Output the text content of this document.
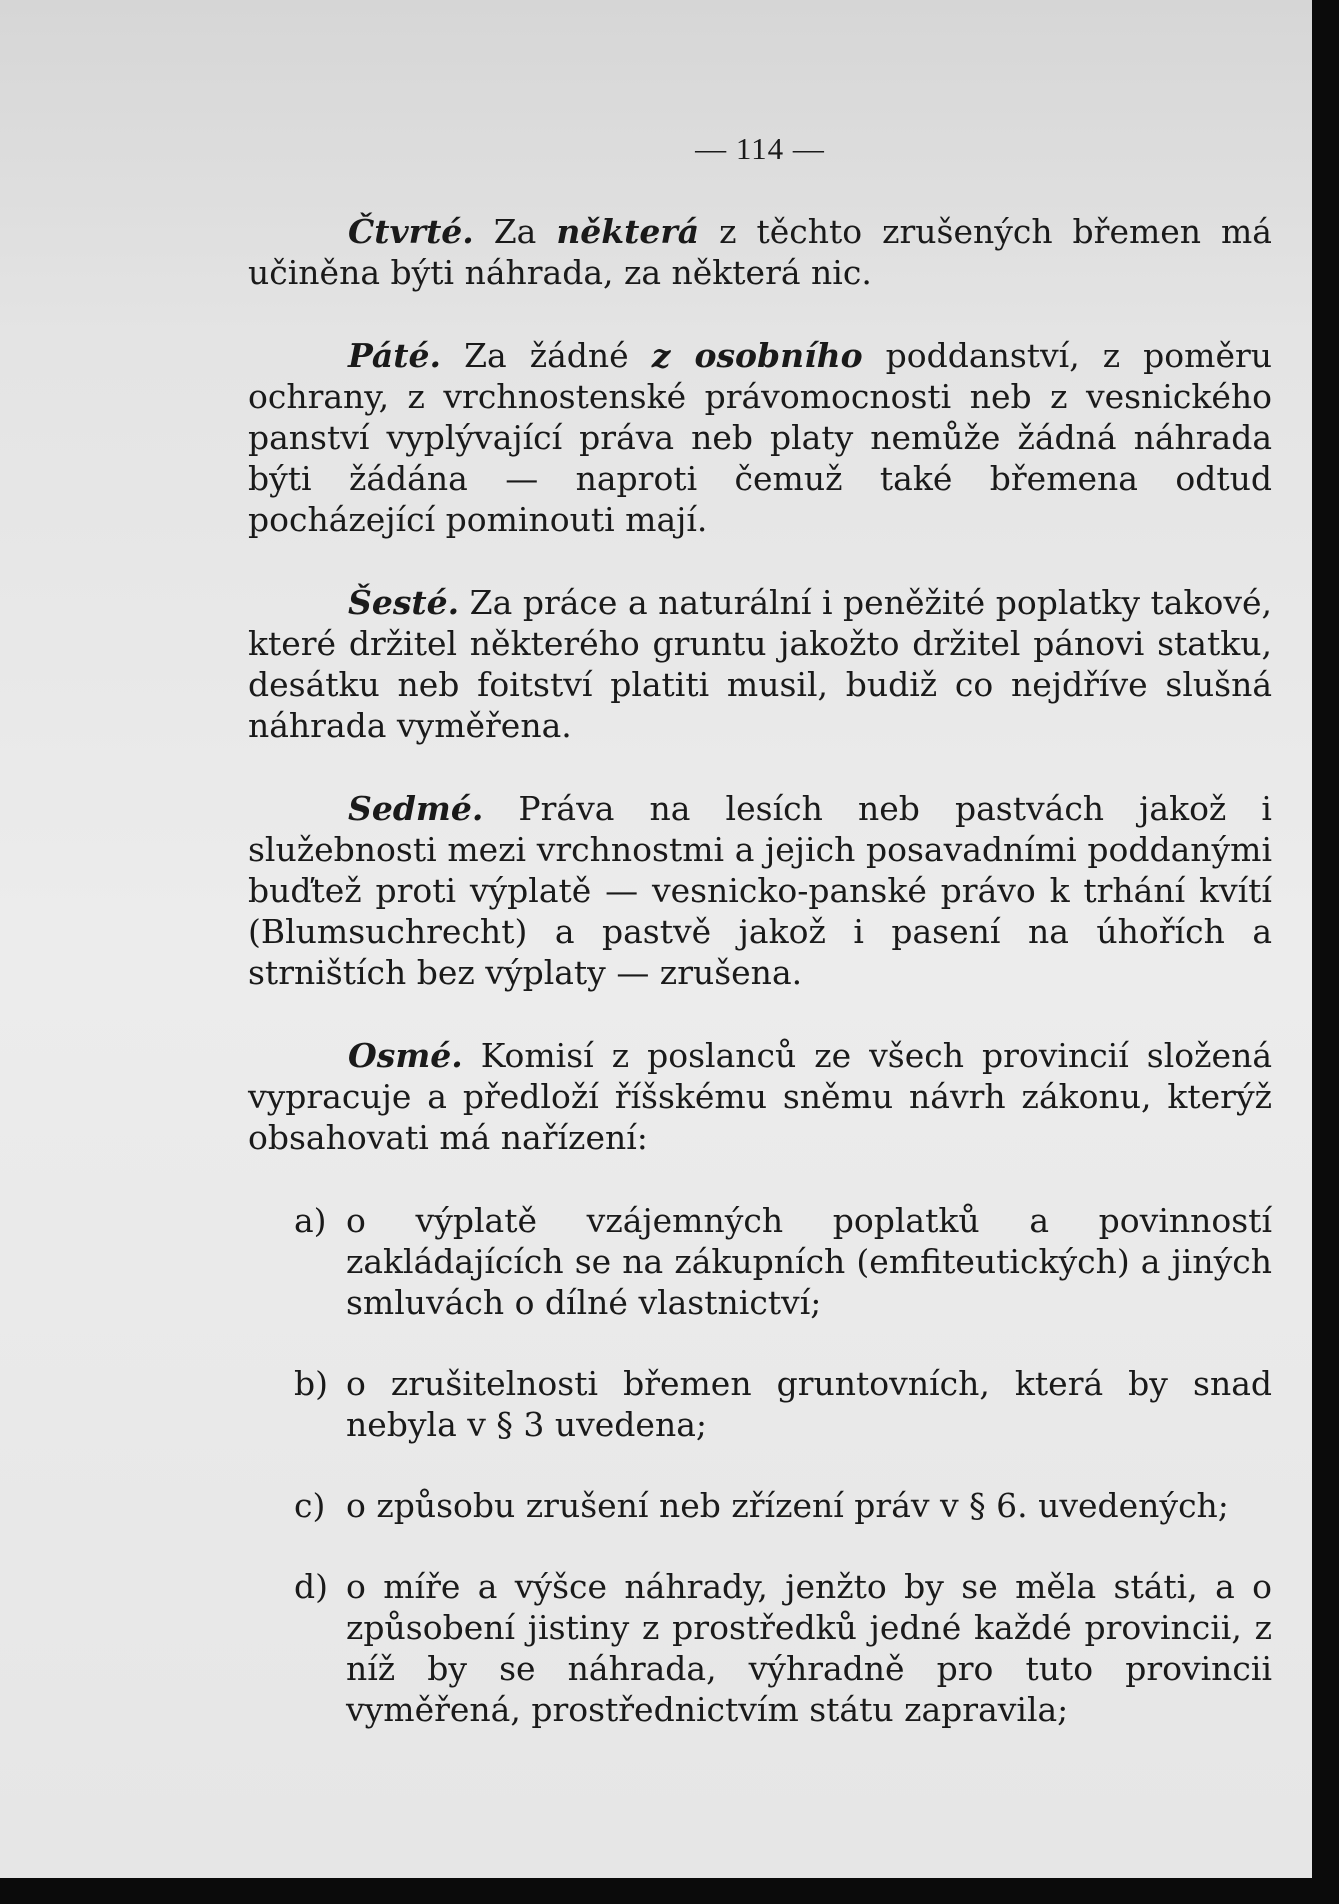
— 114 —

Čtvrté. Za některá z těchto zrušených břemen má učiněna býti náhrada, za některá nic.

Páté. Za žádné z osobního poddanství, z poměru ochrany, z vrchnostenské právomocnosti neb z vesnického panství vyplývající práva neb platy nemůže žádná náhrada býti žádána — naproti čemuž také břemena odtud pocházející pominouti mají.

Šesté. Za práce a naturální i peněžité poplatky takové, které držitel některého gruntu jakožto držitel pánovi statku, desátku neb foitství platiti musil, budiž co nejdříve slušná náhrada vyměřena.

Sedmé. Práva na lesích neb pastvách jakož i služebnosti mezi vrchnostmi a jejich posavadními poddanými buďtež proti výplatě — vesnicko-panské právo k trhání kvítí (Blumsuchrecht) a pastvě jakož i pasení na úhořích a strništích bez výplaty — zrušena.

Osmé. Komisí z poslanců ze všech provincií složená vypracuje a předloží říšskému sněmu návrh zákonu, kterýž obsahovati má nařízení:

a) o výplatě vzájemných poplatků a povinností zakládajících se na zákupních (emfiteutických) a jiných smluvách o dílné vlastnictví;
b) o zrušitelnosti břemen gruntovních, která by snad nebyla v § 3 uvedena;
c) o způsobu zrušení neb zřízení práv v § 6. uvedených;
d) o míře a výšce náhrady, jenžto by se měla státi, a o způsobení jistiny z prostředků jedné každé provincii, z níž by se náhrada, výhradně pro tuto provincii vyměřená, prostřednictvím státu zapravila;
